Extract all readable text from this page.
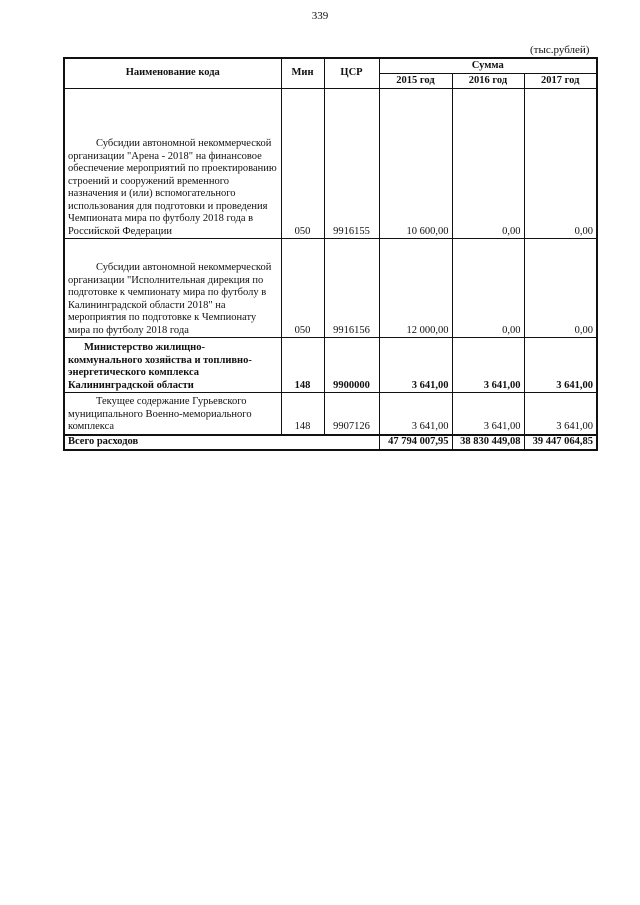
339
(тыс.рублей)
Наименование кода	Мин	ЦСР	Сумма		
			2015 год	2016 год	2017 год
Субсидии автономной некоммерческой организации "Арена - 2018" на финансовое обеспечение мероприятий по проектированию строений и сооружений временного назначения и (или) вспомогательного использования для подготовки и проведения Чемпионата мира по футболу 2018 года в Российской Федерации	050	9916155	10 600,00	0,00	0,00
Субсидии автономной некоммерческой организации "Исполнительная дирекция по подготовке к чемпионату мира по футболу в Калининградской области 2018" на мероприятия по подготовке к Чемпионату мира по футболу 2018 года	050	9916156	12 000,00	0,00	0,00
Министерство жилищно- коммунального хозяйства и топливно-энергетического комплекса Калининградской области	148	9900000	3 641,00	3 641,00	3 641,00
Текущее содержание Гурьевского муниципального Военно-мемориального комплекса	148	9907126	3 641,00	3 641,00	3 641,00
Всего расходов			47 794 007,95	38 830 449,08	39 447 064,85
